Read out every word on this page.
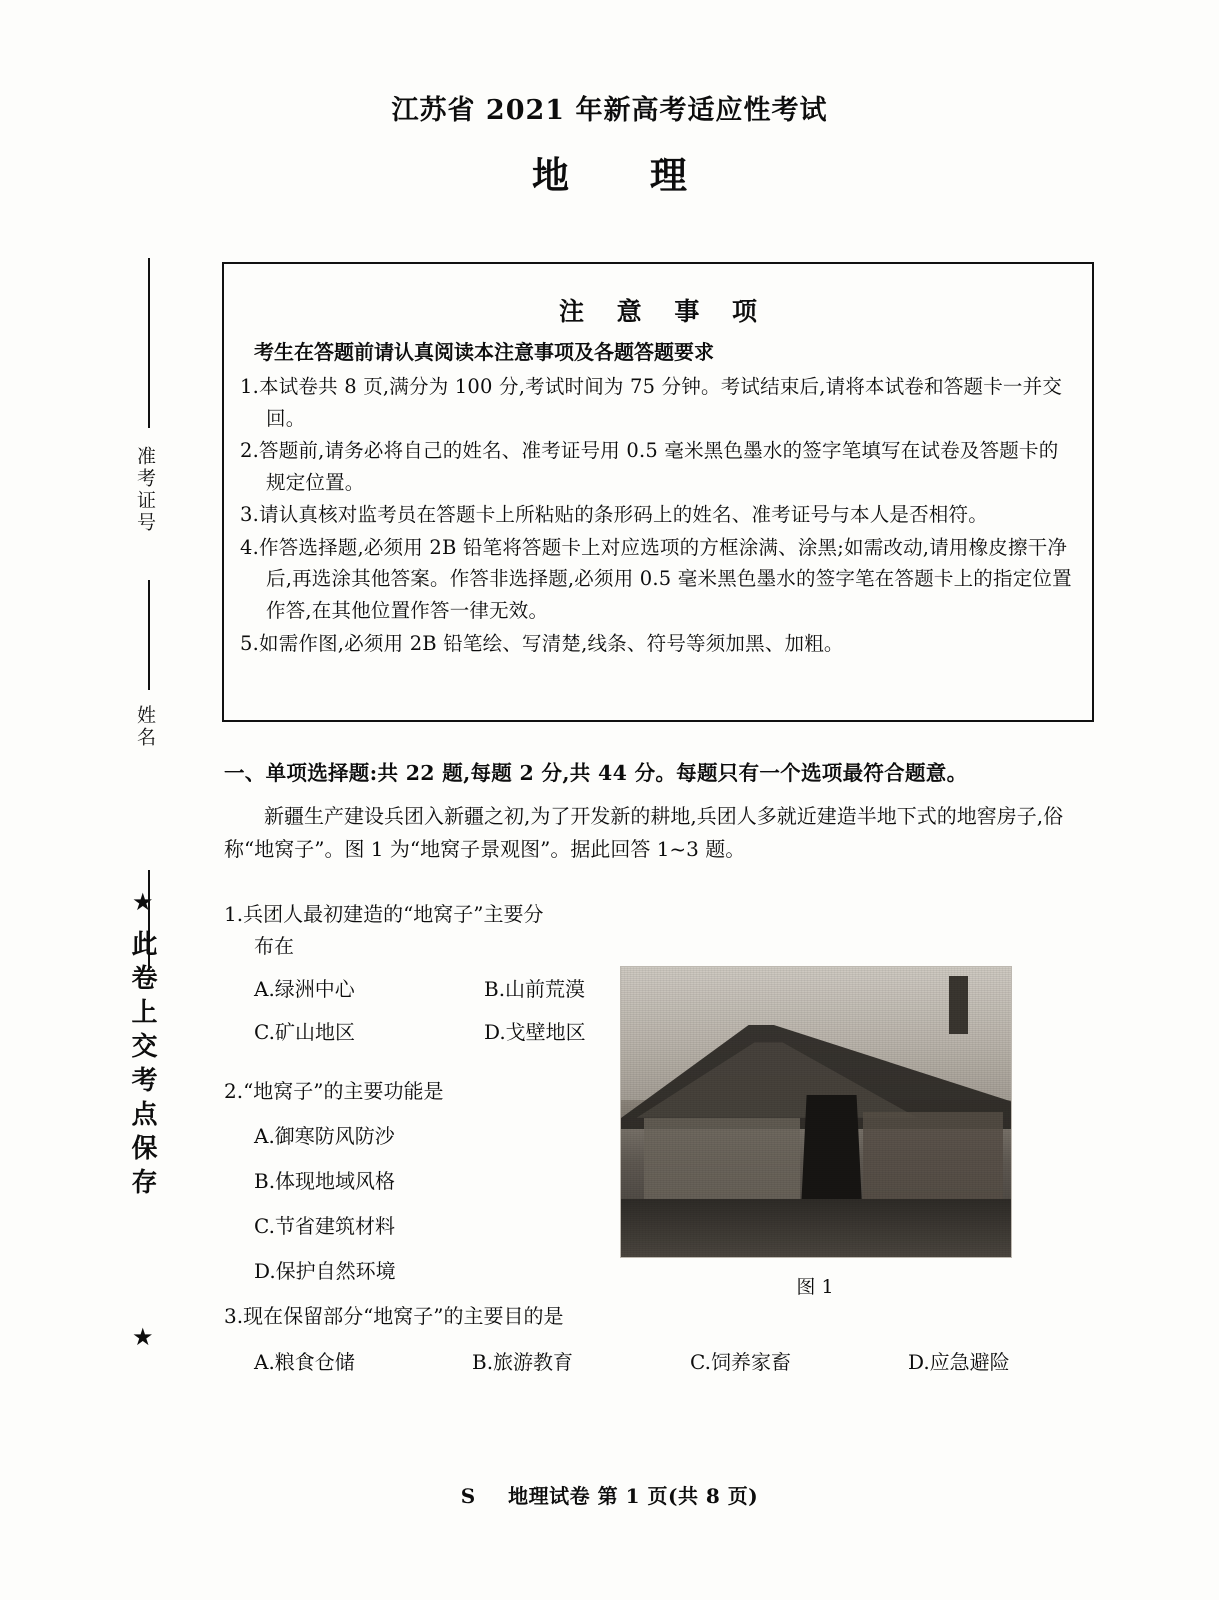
江苏省 2021 年新高考适应性考试
地 理
准考证号
姓名
★
此卷上交考点保存
★
注 意 事 项
考生在答题前请认真阅读本注意事项及各题答题要求

1.本试卷共 8 页,满分为 100 分,考试时间为 75 分钟。考试结束后,请将本试卷和答题卡一并交回。

2.答题前,请务必将自己的姓名、准考证号用 0.5 毫米黑色墨水的签字笔填写在试卷及答题卡的规定位置。

3.请认真核对监考员在答题卡上所粘贴的条形码上的姓名、准考证号与本人是否相符。

4.作答选择题,必须用 2B 铅笔将答题卡上对应选项的方框涂满、涂黑;如需改动,请用橡皮擦干净后,再选涂其他答案。作答非选择题,必须用 0.5 毫米黑色墨水的签字笔在答题卡上的指定位置作答,在其他位置作答一律无效。

5.如需作图,必须用 2B 铅笔绘、写清楚,线条、符号等须加黑、加粗。

一、单项选择题:共 22 题,每题 2 分,共 44 分。每题只有一个选项最符合题意。
新疆生产建设兵团入新疆之初,为了开发新的耕地,兵团人多就近建造半地下式的地窖房子,俗称“地窝子”。图 1 为“地窝子景观图”。据此回答 1~3 题。
1.兵团人最初建造的“地窝子”主要分
布在
A.绿洲中心	B.山前荒漠
C.矿山地区	D.戈壁地区
2.“地窝子”的主要功能是
A.御寒防风防沙
B.体现地域风格
C.节省建筑材料
D.保护自然环境
3.现在保留部分“地窝子”的主要目的是
A.粮食仓储	B.旅游教育	C.饲养家畜	D.应急避险
图 1
S 地理试卷 第 1 页(共 8 页)
